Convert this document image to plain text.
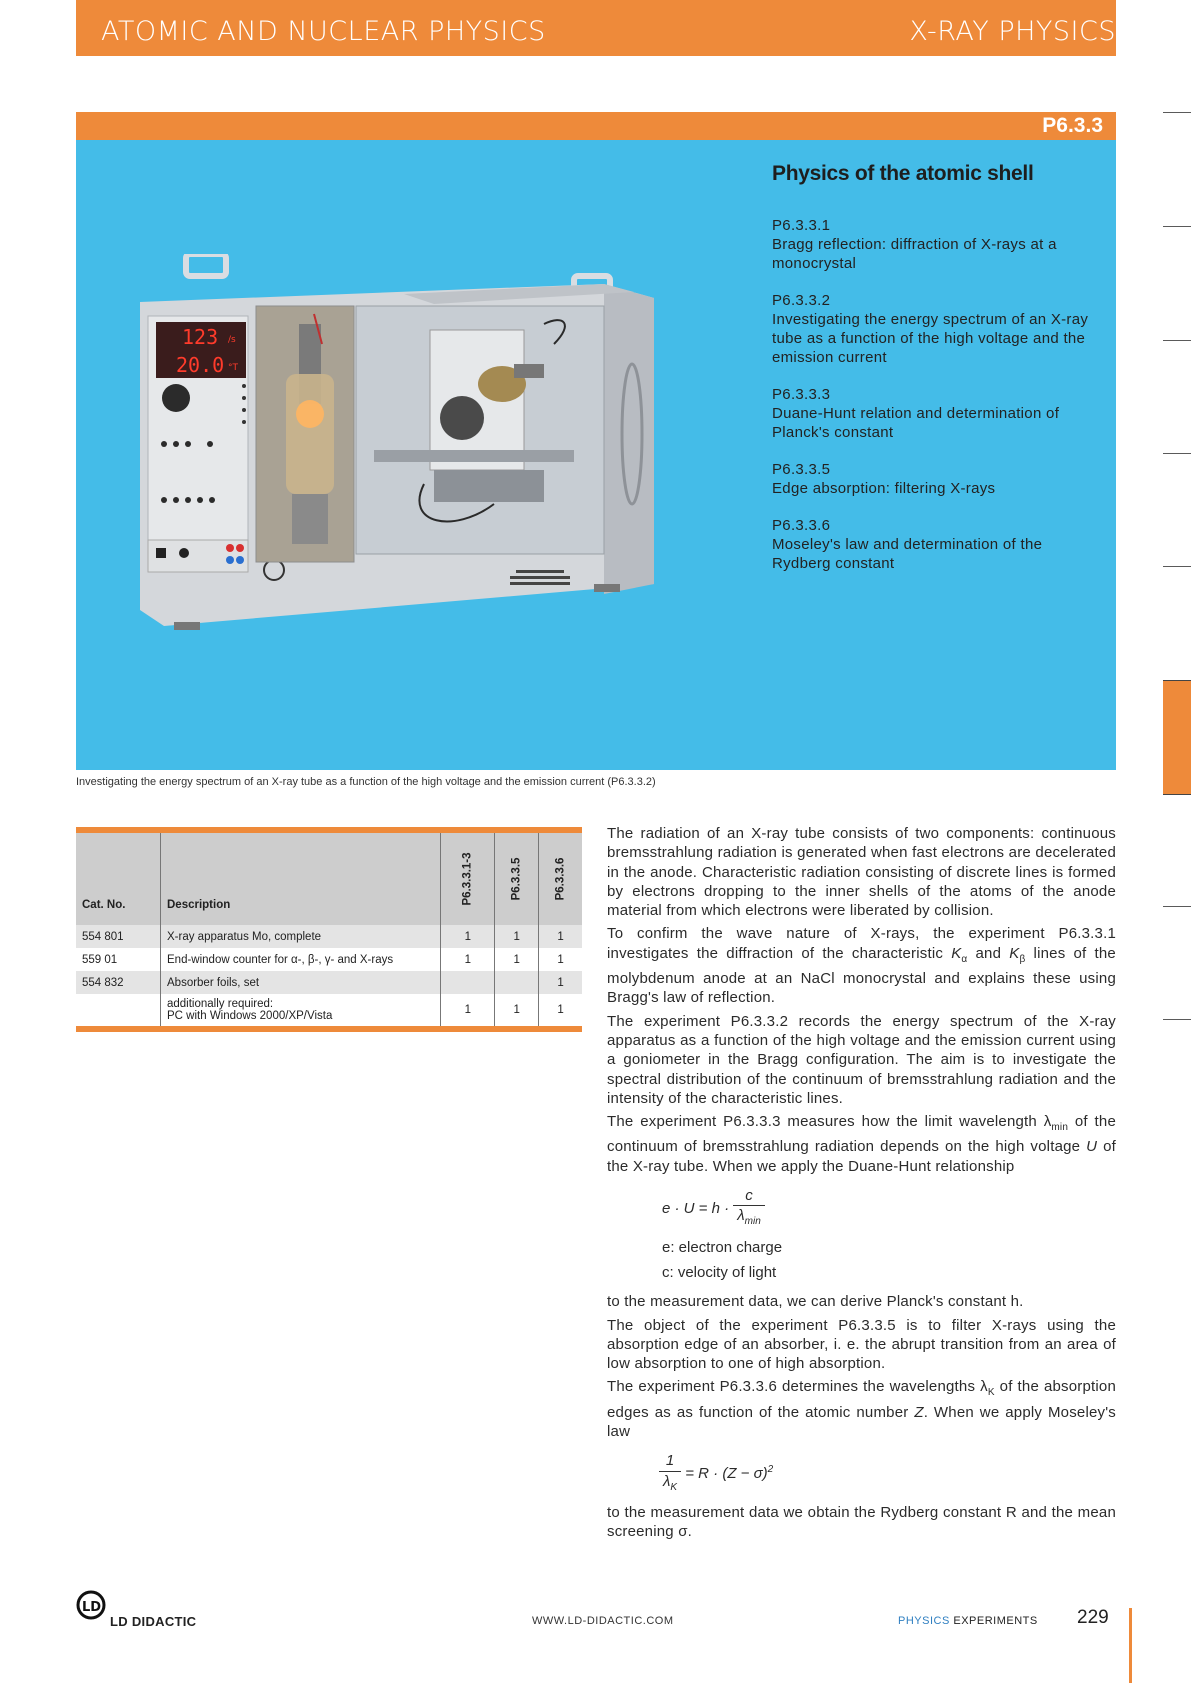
ATOMIC AND NUCLEAR PHYSICS	X-RAY PHYSICS
P6.3.3
123 /s
20.0 °T
Physics of the atomic shell
P6.3.3.1
Bragg reflection: diffraction of X-rays at a monocrystal
P6.3.3.2
Investigating the energy spectrum of an X-ray tube as a function of the high voltage and the emission current
P6.3.3.3
Duane-Hunt relation and determination of Planck's constant
P6.3.3.5
Edge absorption: filtering X-rays
P6.3.3.6
Moseley's law and determination of the Rydberg constant
Investigating the energy spectrum of an X-ray tube as a function of the high voltage and the emission current (P6.3.3.2)
Cat. No.	Description	P6.3.3.1-3	P6.3.3.5	P6.3.3.6
554 801	X-ray apparatus Mo, complete	1	1	1
559 01	End-window counter for α-, β-, γ- and X-rays	1	1	1
554 832	Absorber foils, set			1

	additionally required:
PC with Windows 2000/XP/Vista	1	1	1

The radiation of an X-ray tube consists of two components: continuous bremsstrahlung radiation is generated when fast electrons are decelerated in the anode. Characteristic radiation consisting of discrete lines is formed by electrons dropping to the inner shells of the atoms of the anode material from which electrons were liberated by collision.

To confirm the wave nature of X-rays, the experiment P6.3.3.1 investigates the diffraction of the characteristic $K_\alpha$ and $K_\beta$ lines of the molybdenum anode at an NaCl monocrystal and explains these using Bragg's law of reflection.

The experiment P6.3.3.2 records the energy spectrum of the X-ray apparatus as a function of the high voltage and the emission current using a goniometer in the Bragg configuration. The aim is to investigate the spectral distribution of the continuum of bremsstrahlung radiation and the intensity of the characteristic lines.

The experiment P6.3.3.3 measures how the limit wavelength $\lambda_{min}$ of the continuum of bremsstrahlung radiation depends on the high voltage U of the X-ray tube. When we apply the Duane-Hunt relationship

$e \cdot U = h \cdot \frac{c}{\lambda_{min}}$
e: electron charge
c: velocity of light

to the measurement data, we can derive Planck's constant h.

The object of the experiment P6.3.3.5 is to filter X-rays using the absorption edge of an absorber, i. e. the abrupt transition from an area of low absorption to one of high absorption.

The experiment P6.3.3.6 determines the wavelengths $\lambda_K$ of the absorption edges as as function of the atomic number Z. When we apply Moseley's law

$\frac{1}{\lambda_K} = R \cdot (Z - \sigma)^2$

to the measurement data we obtain the Rydberg constant R and the mean screening σ.

LD
LD DIDACTIC	WWW.LD-DIDACTIC.COM	PHYSICS EXPERIMENTS 229
